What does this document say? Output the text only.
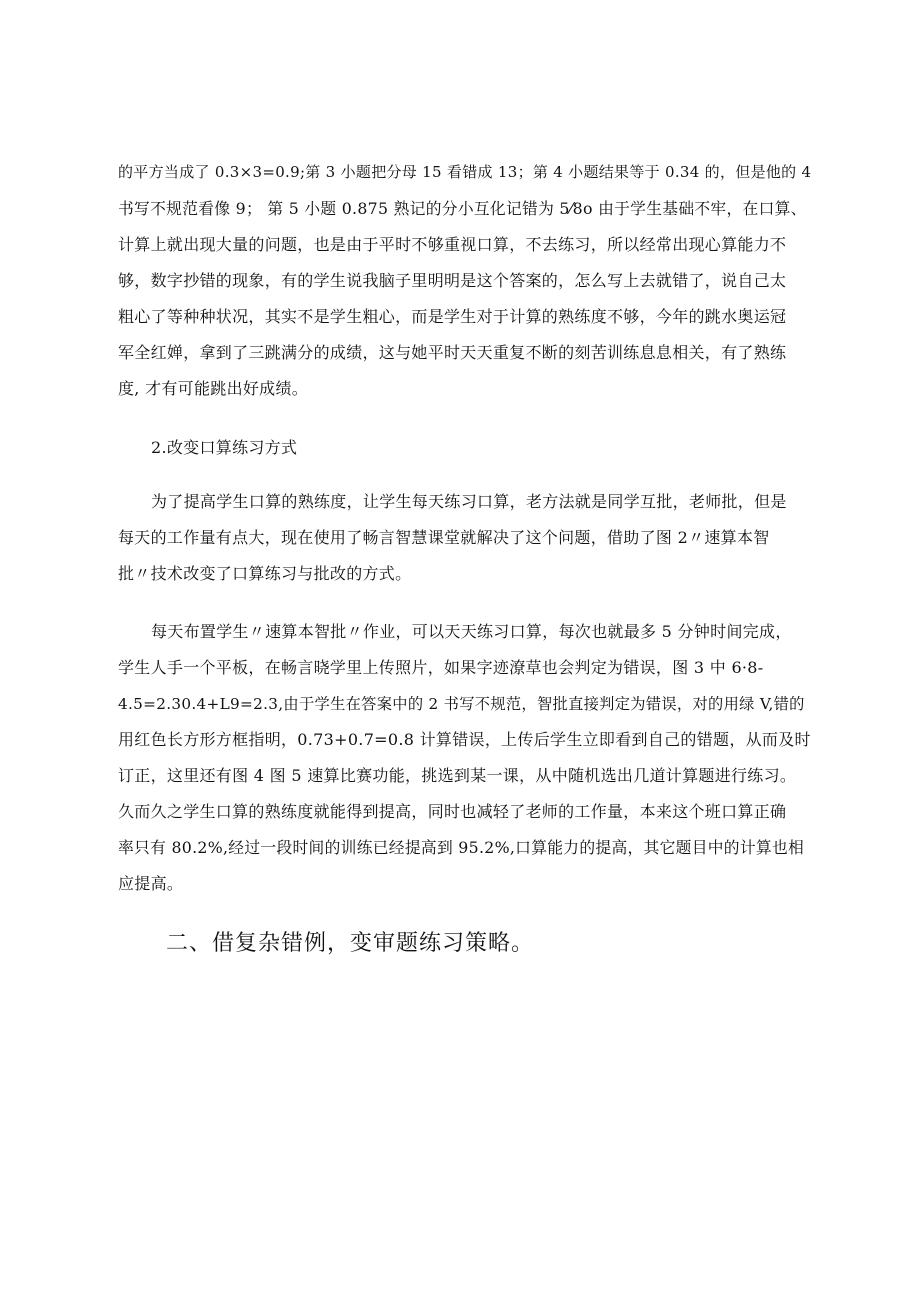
的平方当成了 0.3×3=0.9;第 3 小题把分母 15 看错成 13；第 4 小题结果等于 0.34 的，但是他的 4
书写不规范看像 9； 第 5 小题 0.875 熟记的分小互化记错为 5⁄8o 由于学生基础不牢，在口算、
计算上就出现大量的问题，也是由于平时不够重视口算，不去练习，所以经常出现心算能力不
够，数字抄错的现象，有的学生说我脑子里明明是这个答案的，怎么写上去就错了，说自己太
粗心了等种种状况，其实不是学生粗心，而是学生对于计算的熟练度不够，今年的跳水奥运冠
军全红婵，拿到了三跳满分的成绩，这与她平时天天重复不断的刻苦训练息息相关，有了熟练
度, 才有可能跳出好成绩。
2.改变口算练习方式
为了提高学生口算的熟练度，让学生每天练习口算，老方法就是同学互批，老师批，但是
每天的工作量有点大，现在使用了畅言智慧课堂就解决了这个问题，借助了图 2〃速算本智
批〃技术改变了口算练习与批改的方式。
每天布置学生〃速算本智批〃作业，可以天天练习口算，每次也就最多 5 分钟时间完成，
学生人手一个平板，在畅言晓学里上传照片，如果字迹潦草也会判定为错误，图 3 中 6·8-
4.5=2.30.4+L9=2.3,由于学生在答案中的 2 书写不规范，智批直接判定为错误，对的用绿 V,错的
用红色长方形方框指明，0.73+0.7=0.8 计算错误，上传后学生立即看到自己的错题，从而及时
订正，这里还有图 4 图 5 速算比赛功能，挑选到某一课，从中随机选出几道计算题进行练习。
久而久之学生口算的熟练度就能得到提高，同时也减轻了老师的工作量，本来这个班口算正确
率只有 80.2%,经过一段时间的训练已经提高到 95.2%,口算能力的提高，其它题目中的计算也相
应提高。
二、借复杂错例，变审题练习策略。
